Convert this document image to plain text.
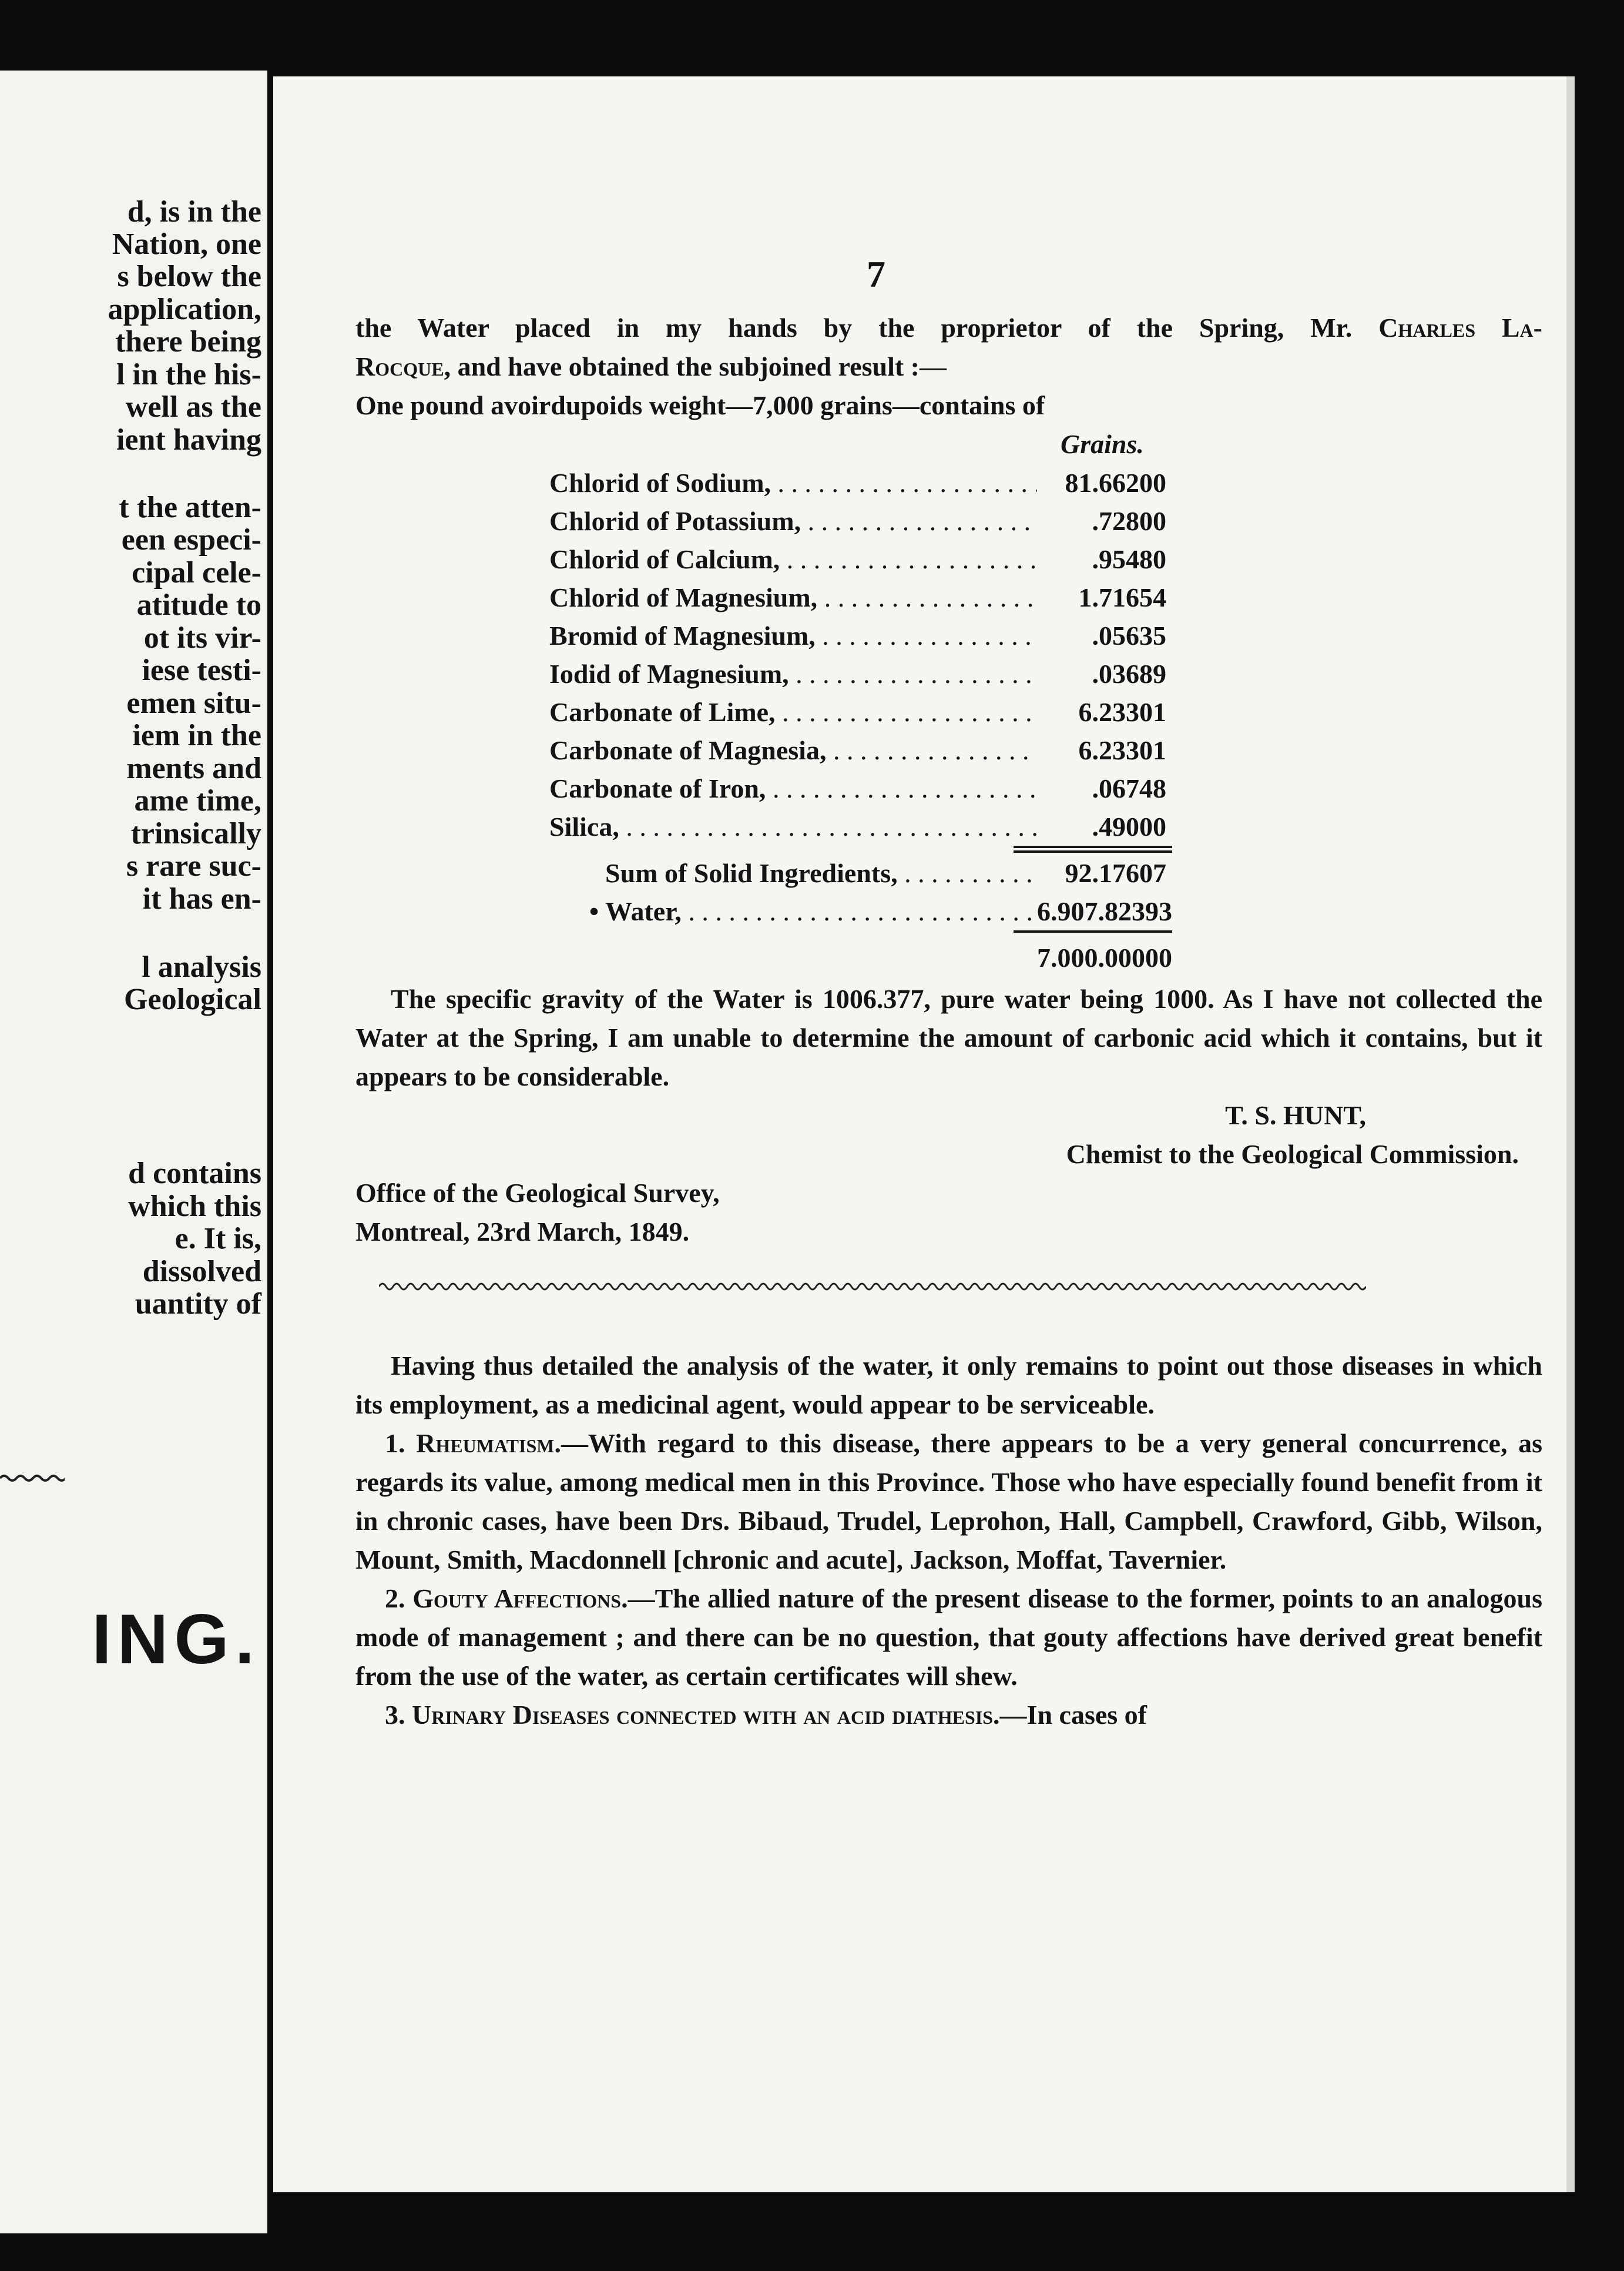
d, is in the
Nation, one
s below the
application,
there being
l in the his-
well as the
ient having
t the atten-
een especi-
cipal cele-
atitude to
ot its vir-
iese testi-
emen situ-
iem in the
ments and
ame time,
trinsically
s rare suc-
it has en-
l analysis
Geological
d contains
which this
e. It is,
dissolved
uantity of
ING.
7

the Water placed in my hands by the proprietor of the Spring, Mr. Charles La-

Rocque, and have obtained the subjoined result :—

One pound avoirdupoids weight—7,000 grains—contains of

Grains.
Chlorid of Sodium, . . .	81.66200
Chlorid of Potassium, . . .	.72800
Chlorid of Calcium, . . .	.95480
Chlorid of Magnesium, . . .	1.71654
Bromid of Magnesium, . . .	.05635
Iodid of Magnesium, . . .	.03689
Carbonate of Lime, . . .	6.23301
Carbonate of Magnesia, . . .	6.23301
Carbonate of Iron, . . .	.06748
Silica, . . .	.49000
Sum of Solid Ingredients, . . .	92.17607
• Water, . . .	6.907.82393
7.000.00000

The specific gravity of the Water is 1006.377, pure water being 1000. As I have not collected the Water at the Spring, I am unable to determine the amount of carbonic acid which it contains, but it appears to be considerable.

T. S. HUNT,

Chemist to the Geological Commission.

Office of the Geological Survey,

Montreal, 23rd March, 1849.

Having thus detailed the analysis of the water, it only remains to point out those diseases in which its employment, as a medicinal agent, would appear to be serviceable.

1. Rheumatism.—With regard to this disease, there appears to be a very general concurrence, as regards its value, among medical men in this Province. Those who have especially found benefit from it in chronic cases, have been Drs. Bibaud, Trudel, Leprohon, Hall, Campbell, Crawford, Gibb, Wilson, Mount, Smith, Macdonnell [chronic and acute], Jackson, Moffat, Tavernier.

2. Gouty Affections.—The allied nature of the present disease to the former, points to an analogous mode of management ; and there can be no question, that gouty affections have derived great benefit from the use of the water, as certain certificates will shew.

3. Urinary Diseases connected with an acid diathesis.—In cases of
